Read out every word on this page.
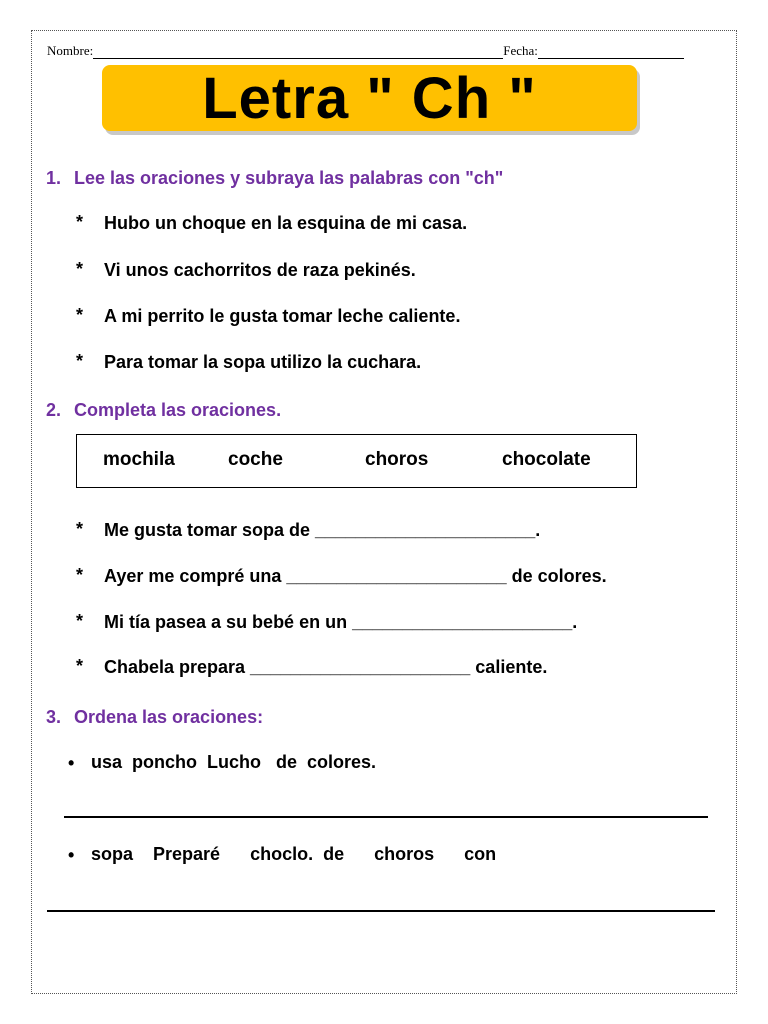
Nombre:	Fecha:
Letra " Ch "
1. Lee las oraciones y subraya las palabras con "ch"
* Hubo un choque en la esquina de mi casa.
* Vi unos cachorritos de raza pekinés.
* A mi perrito le gusta tomar leche caliente.
* Para tomar la sopa utilizo la cuchara.
2. Completa las oraciones.
mochila	coche	choros	chocolate
* Me gusta tomar sopa de ______________________.
* Ayer me compré una ______________________ de colores.
* Mi tía pasea a su bebé en un ______________________.
* Chabela prepara ______________________ caliente.
3. Ordena las oraciones:
• usa  poncho  Lucho   de  colores.
• sopa    Preparé      choclo.  de      choros      con
